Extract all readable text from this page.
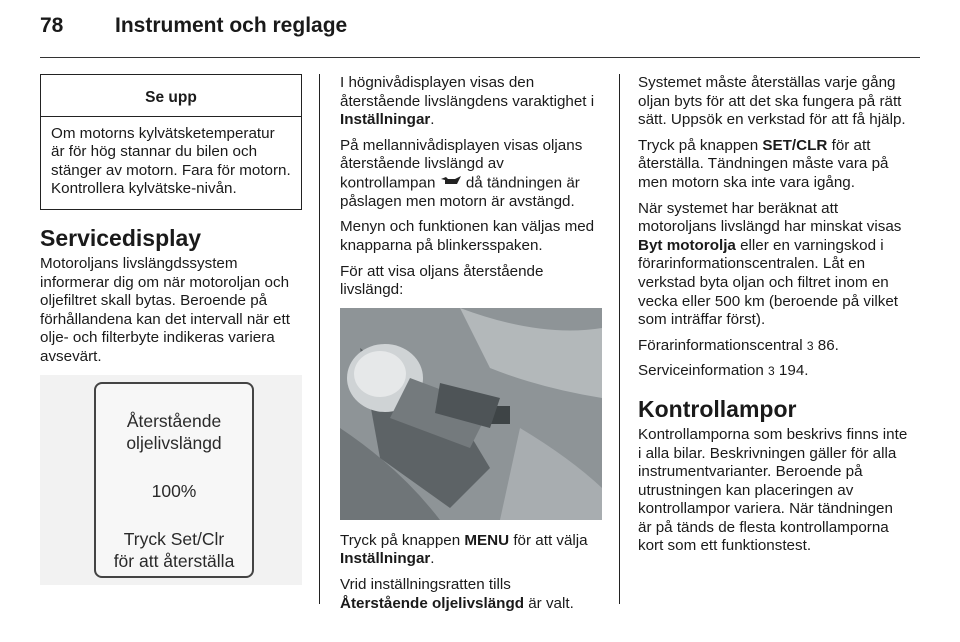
78	Instrument och reglage
Se upp
Om motorns kylvätsketemperatur är för hög stannar du bilen och stänger av motorn. Fara för motorn. Kontrollera kylvätske-nivån.
Servicedisplay

Motoroljans livslängdssystem informerar dig om när motoroljan och oljefiltret skall bytas. Beroende på förhållandena kan det intervall när ett olje- och filterbyte indikeras variera avsevärt.

Återstående
oljelivslängd
100%
Tryck Set/Clr
för att återställa

I högnivådisplayen visas den återstående livslängdens varaktighet i Inställningar.

På mellannivådisplayen visas oljans återstående livslängd av kontrollampan  då tändningen är påslagen men motorn är avstängd.

Menyn och funktionen kan väljas med knapparna på blinkersspaken.

För att visa oljans återstående livslängd:

Tryck på knappen MENU för att välja Inställningar.

Vrid inställningsratten tills Återstående oljelivslängd är valt.

Systemet måste återställas varje gång oljan byts för att det ska fungera på rätt sätt. Uppsök en verkstad för att få hjälp.

Tryck på knappen SET/CLR för att återställa. Tändningen måste vara på men motorn ska inte vara igång.

När systemet har beräknat att motoroljans livslängd har minskat visas Byt motorolja eller en varningskod i förarinformationscentralen. Låt en verkstad byta oljan och filtret inom en vecka eller 500 km (beroende på vilket som inträffar först).

Förarinformationscentral 3 86.

Serviceinformation 3 194.

Kontrollampor

Kontrollamporna som beskrivs finns inte i alla bilar. Beskrivningen gäller för alla instrumentvarianter. Beroende på utrustningen kan placeringen av kontrollampor variera. När tändningen är på tänds de flesta kontrollamporna kort som ett funktionstest.
